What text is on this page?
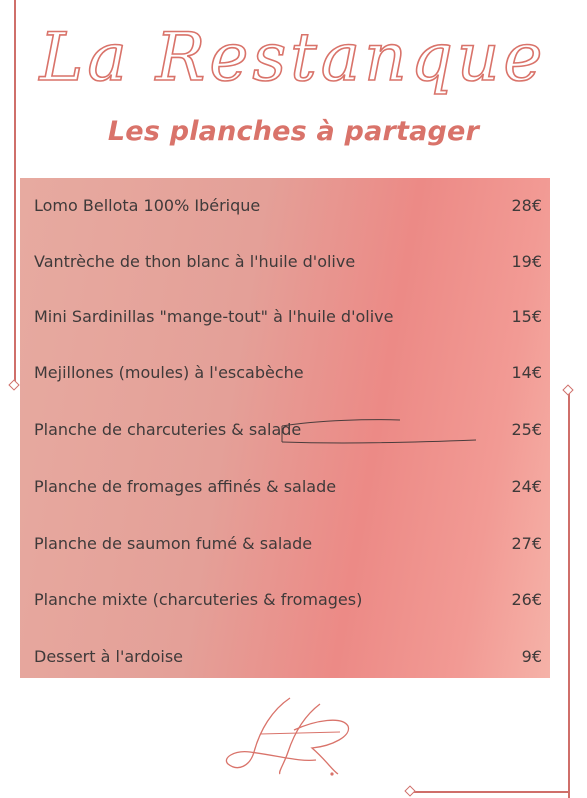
La Restanque
Les planches à partager
Lomo Bellota 100% Ibérique	28€
Vantrèche de thon blanc à l'huile d'olive	19€
Mini Sardinillas "mange-tout" à l'huile d'olive	15€
Mejillones (moules) à l'escabèche	14€
Planche de charcuteries & salade	25€
Planche de fromages affinés & salade	24€
Planche de saumon fumé & salade	27€
Planche mixte (charcuteries & fromages)	26€
Dessert à l'ardoise	9€
